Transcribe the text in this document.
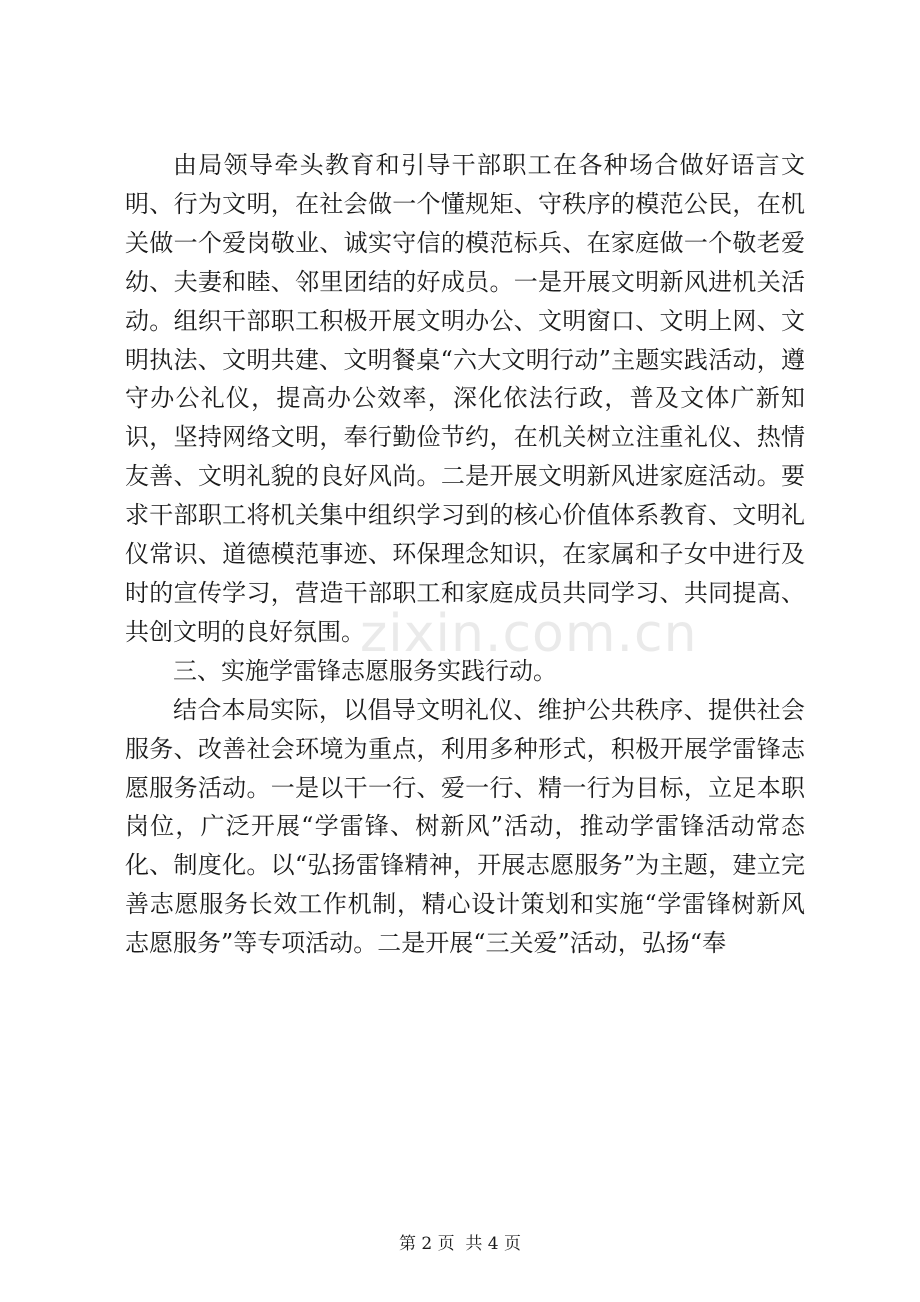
由局领导牵头教育和引导干部职工在各种场合做好语言文明、行为文明，在社会做一个懂规矩、守秩序的模范公民，在机关做一个爱岗敬业、诚实守信的模范标兵、在家庭做一个敬老爱幼、夫妻和睦、邻里团结的好成员。一是开展文明新风进机关活动。组织干部职工积极开展文明办公、文明窗口、文明上网、文明执法、文明共建、文明餐桌“六大文明行动”主题实践活动，遵守办公礼仪，提高办公效率，深化依法行政，普及文体广新知识，坚持网络文明，奉行勤俭节约，在机关树立注重礼仪、热情友善、文明礼貌的良好风尚。二是开展文明新风进家庭活动。要求干部职工将机关集中组织学习到的核心价值体系教育、文明礼仪常识、道德模范事迹、环保理念知识，在家属和子女中进行及时的宣传学习，营造干部职工和家庭成员共同学习、共同提高、共创文明的良好氛围。

三、实施学雷锋志愿服务实践行动。

结合本局实际，以倡导文明礼仪、维护公共秩序、提供社会服务、改善社会环境为重点，利用多种形式，积极开展学雷锋志愿服务活动。一是以干一行、爱一行、精一行为目标，立足本职岗位，广泛开展“学雷锋、树新风”活动，推动学雷锋活动常态化、制度化。以“弘扬雷锋精神，开展志愿服务”为主题，建立完善志愿服务长效工作机制，精心设计策划和实施“学雷锋树新风志愿服务”等专项活动。二是开展“三关爱”活动，弘扬“奉

zixin.com.cn
第 2 页  共 4 页
